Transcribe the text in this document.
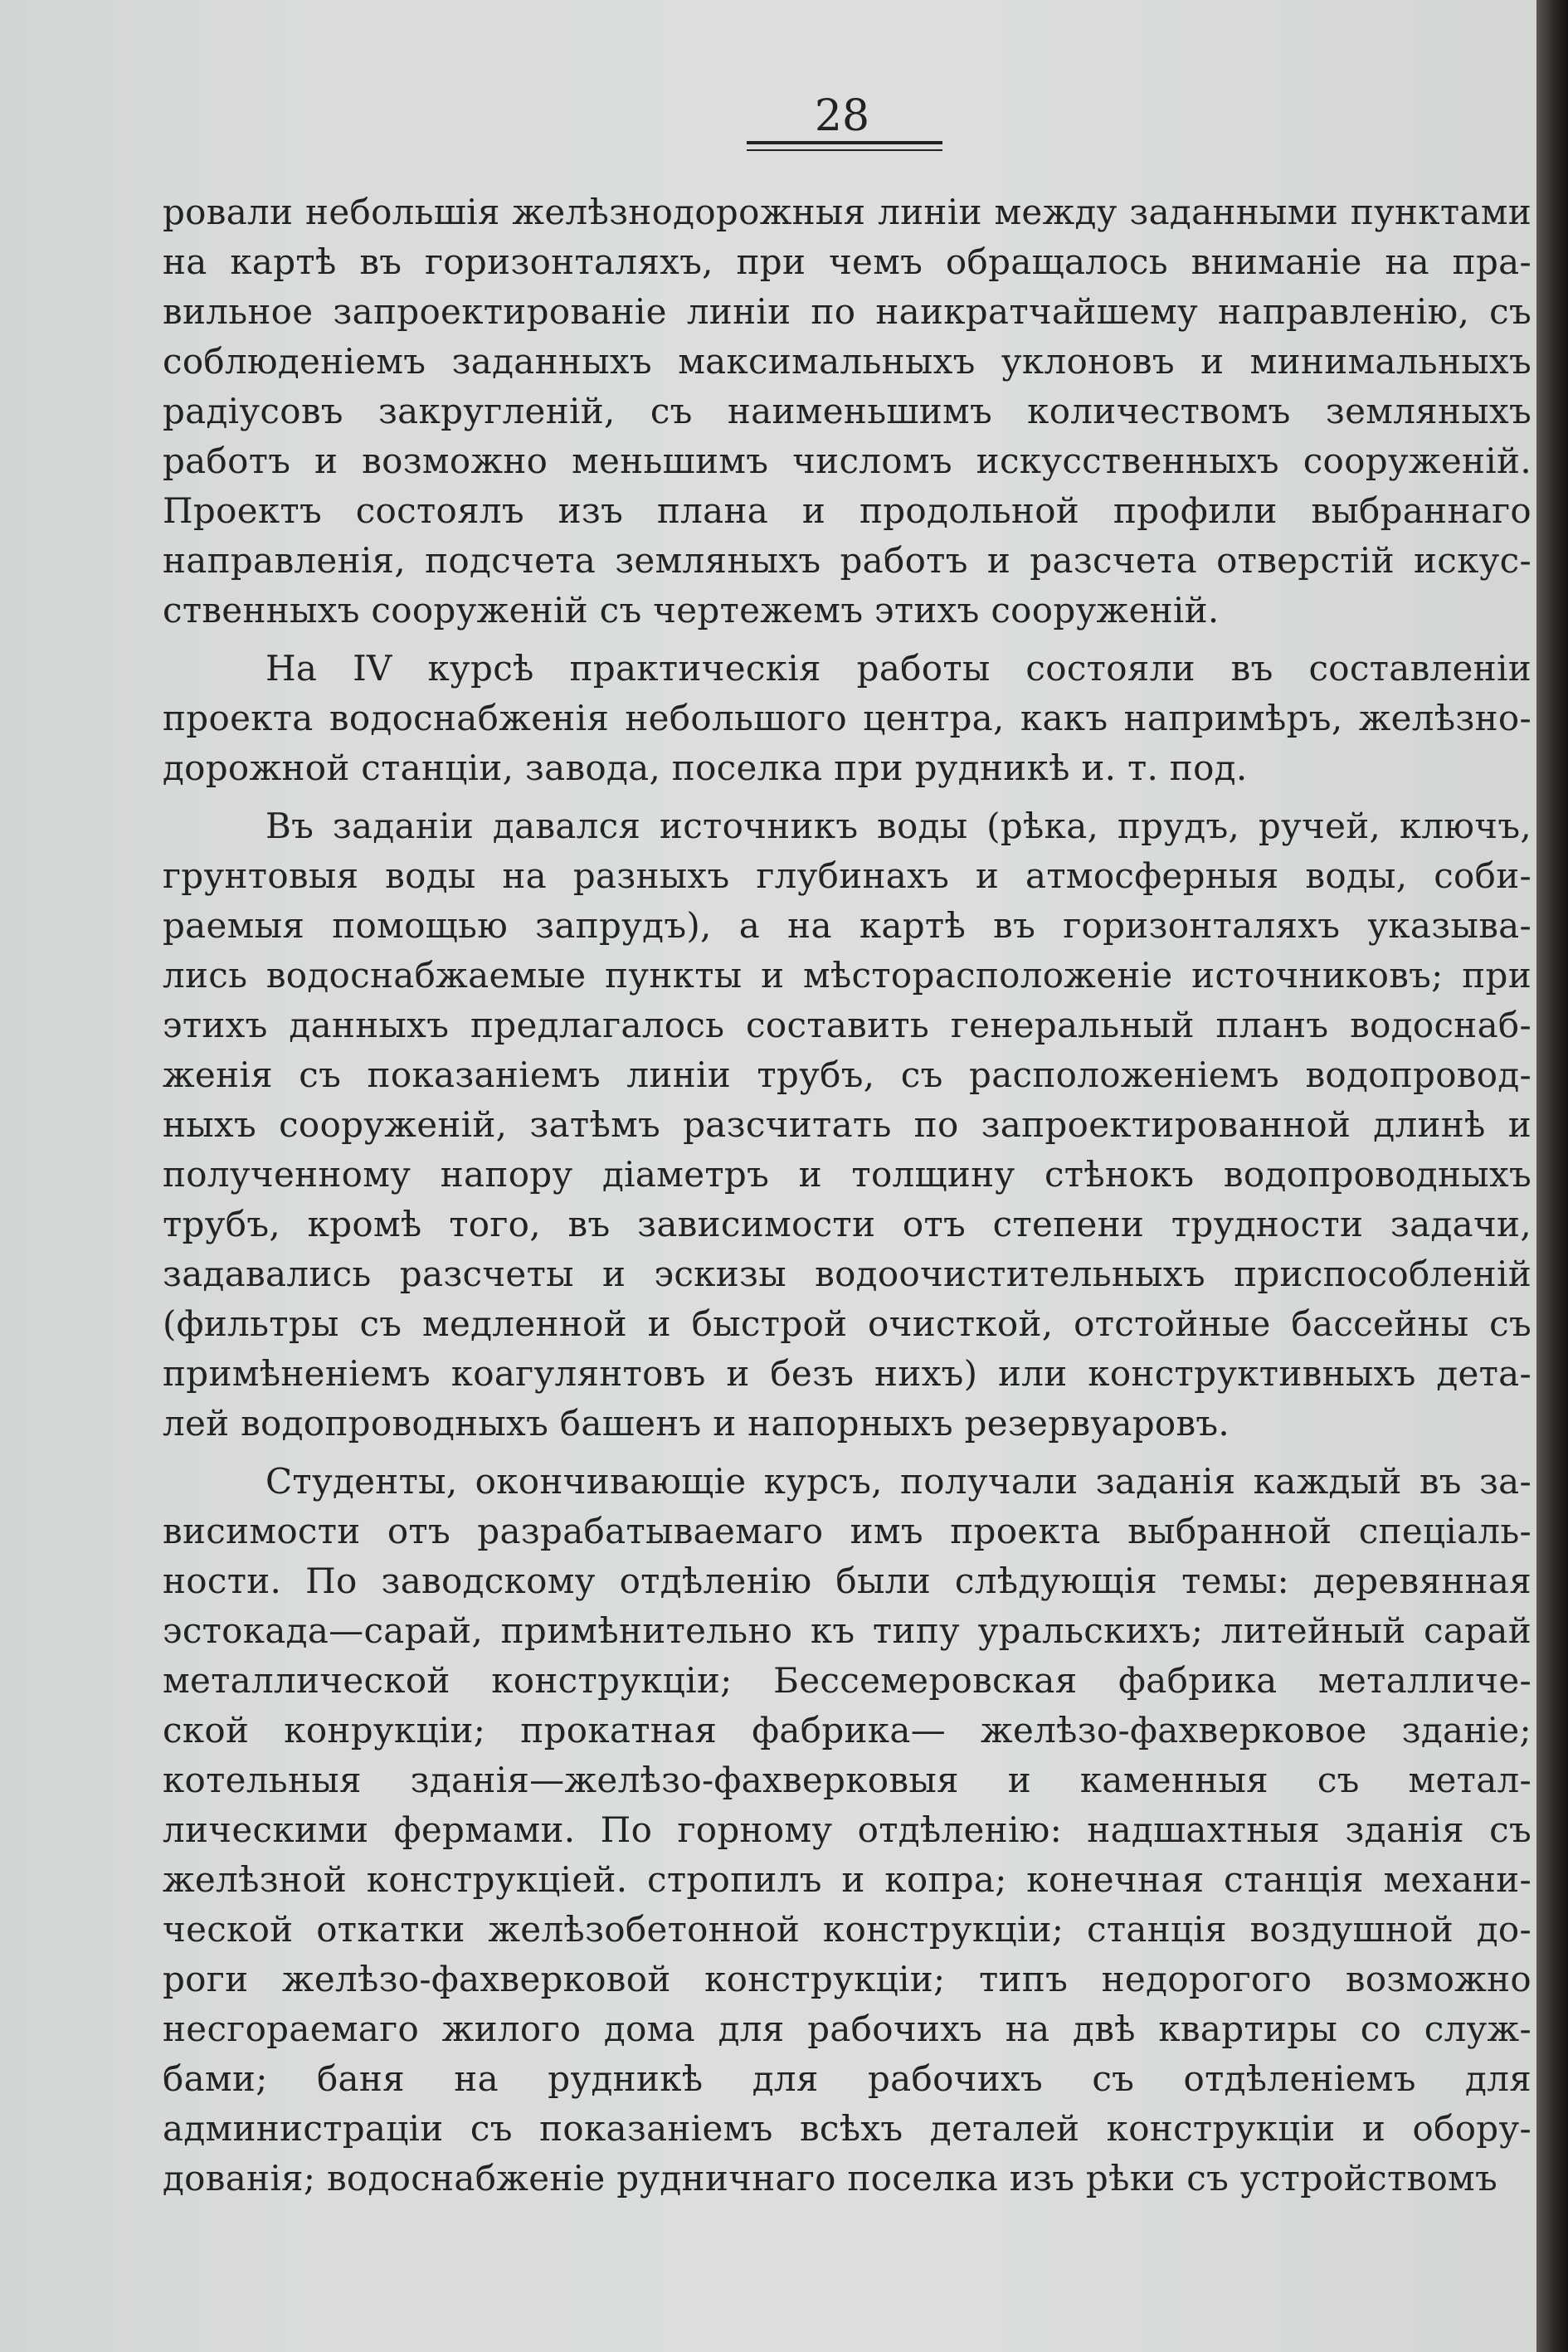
28
ровали небольшія желѣзнодорожныя линіи между заданными пунктами
на картѣ въ горизонталяхъ, при чемъ обращалось вниманіе на пра-
вильное запроектированіе линіи по наикратчайшему направленію, съ
соблюденіемъ заданныхъ максимальныхъ уклоновъ и минимальныхъ
радіусовъ закругленій, съ наименьшимъ количествомъ земляныхъ
работъ и возможно меньшимъ числомъ искусственныхъ сооруженій.
Проектъ состоялъ изъ плана и продольной профили выбраннаго
направленія, подсчета земляныхъ работъ и разсчета отверстій искус-
ственныхъ сооруженій съ чертежемъ этихъ сооруженій.
На IV курсѣ практическія работы состояли въ составленіи
проекта водоснабженія небольшого центра, какъ напримѣръ, желѣзно-
дорожной станціи, завода, поселка при рудникѣ и. т. под.
Въ заданіи давался источникъ воды (рѣка, прудъ, ручей, ключъ,
грунтовыя воды на разныхъ глубинахъ и атмосферныя воды, соби-
раемыя помощью запрудъ), а на картѣ въ горизонталяхъ указыва-
лись водоснабжаемые пункты и мѣсторасположеніе источниковъ; при
этихъ данныхъ предлагалось составить генеральный планъ водоснаб-
женія съ показаніемъ линіи трубъ, съ расположеніемъ водопровод-
ныхъ сооруженій, затѣмъ разсчитать по запроектированной длинѣ и
полученному напору діаметръ и толщину стѣнокъ водопроводныхъ
трубъ, кромѣ того, въ зависимости отъ степени трудности задачи,
задавались разсчеты и эскизы водоочистительныхъ приспособленій
(фильтры съ медленной и быстрой очисткой, отстойные бассейны съ
примѣненіемъ коагулянтовъ и безъ нихъ) или конструктивныхъ дета-
лей водопроводныхъ башенъ и напорныхъ резервуаровъ.
Студенты, окончивающіе курсъ, получали заданія каждый въ за-
висимости отъ разрабатываемаго имъ проекта выбранной спеціаль-
ности. По заводскому отдѣленію были слѣдующія темы: деревянная
эстокада—сарай, примѣнительно къ типу уральскихъ; литейный сарай
металлической конструкціи; Бессемеровская фабрика металличе-
ской конрукціи; прокатная фабрика— желѣзо-фахверковое зданіе;
котельныя зданія—желѣзо-фахверковыя и каменныя съ метал-
лическими фермами. По горному отдѣленію: надшахтныя зданія съ
желѣзной конструкціей. стропилъ и копра; конечная станція механи-
ческой откатки желѣзобетонной конструкціи; станція воздушной до-
роги желѣзо-фахверковой конструкціи; типъ недорогого возможно
несгораемаго жилого дома для рабочихъ на двѣ квартиры со служ-
бами; баня на рудникѣ для рабочихъ съ отдѣленіемъ для
администраціи съ показаніемъ всѣхъ деталей конструкціи и обору-
дованія; водоснабженіе рудничнаго поселка изъ рѣки съ устройствомъ
